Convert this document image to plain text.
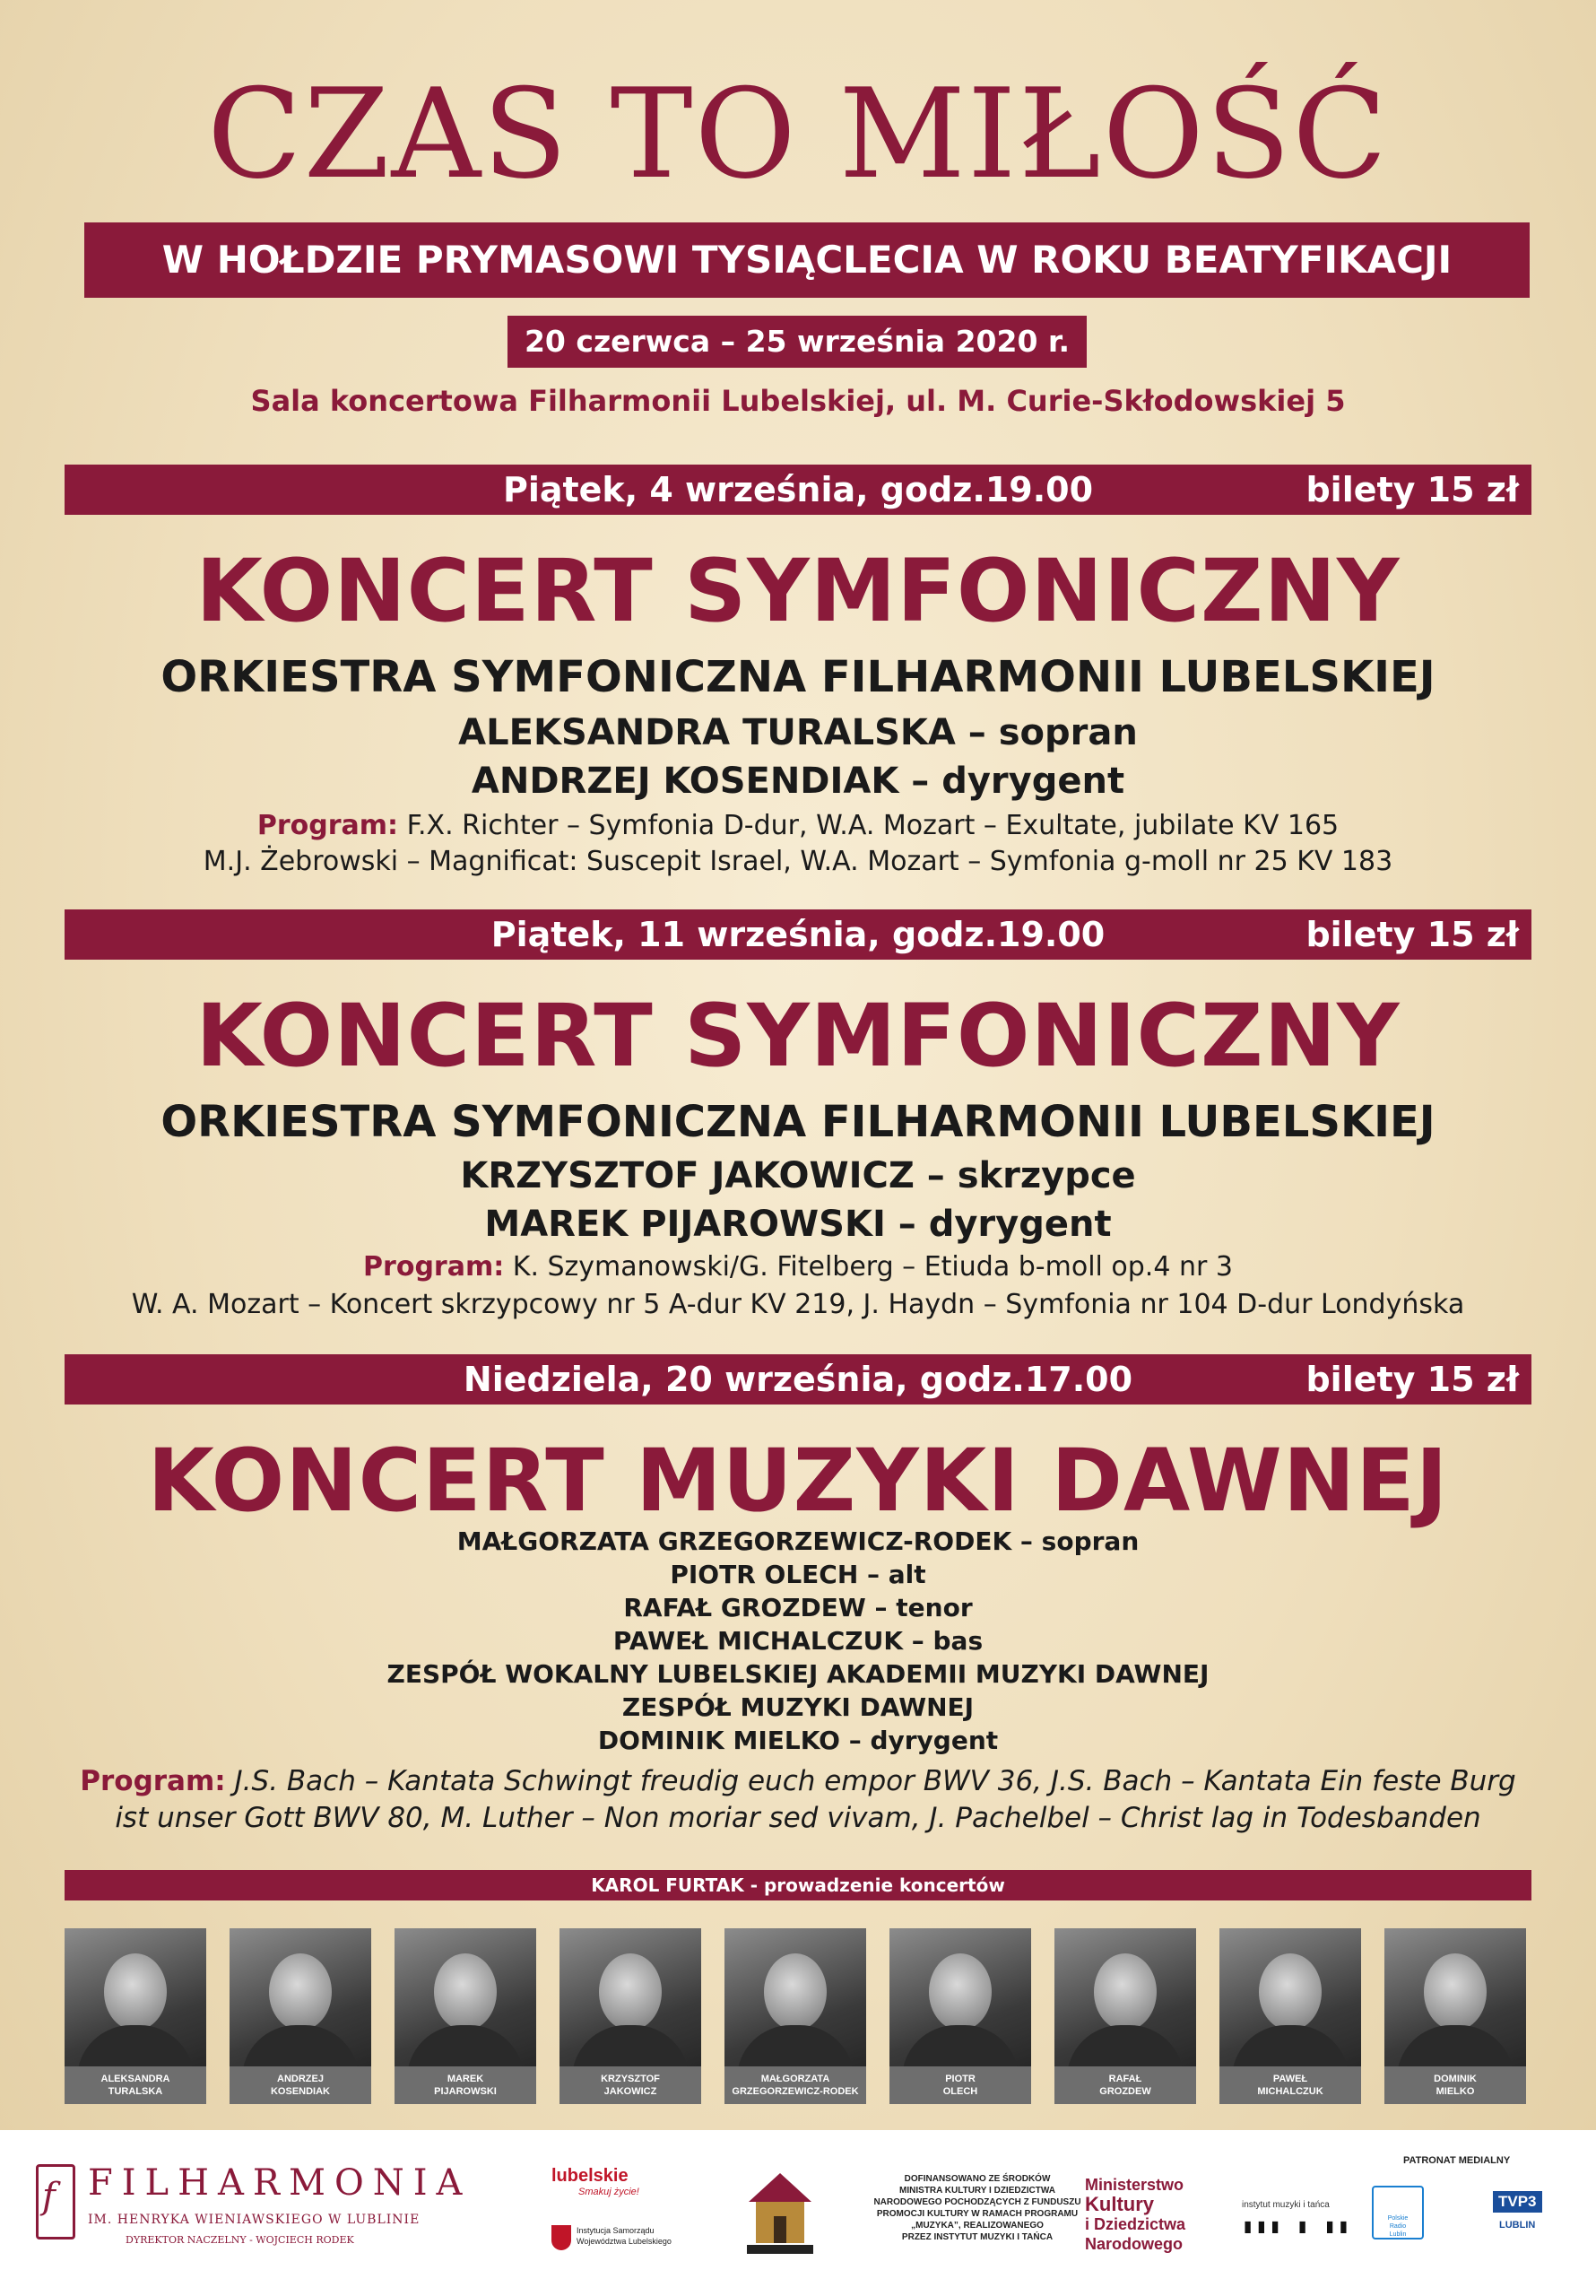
CZAS TO MIŁOŚĆ
W HOŁDZIE PRYMASOWI TYSIĄCLECIA W ROKU BEATYFIKACJI
20 czerwca – 25 września 2020 r.
Sala koncertowa Filharmonii Lubelskiej, ul. M. Curie-Skłodowskiej 5
Piątek, 4 września, godz.19.00	bilety 15 zł
KONCERT SYMFONICZNY
ORKIESTRA SYMFONICZNA FILHARMONII LUBELSKIEJ
ALEKSANDRA TURALSKA – sopran
ANDRZEJ KOSENDIAK – dyrygent
Program: F.X. Richter – Symfonia D-dur, W.A. Mozart – Exultate, jubilate KV 165
M.J. Żebrowski – Magnificat: Suscepit Israel, W.A. Mozart – Symfonia g-moll nr 25 KV 183
Piątek, 11 września, godz.19.00	bilety 15 zł
KONCERT SYMFONICZNY
ORKIESTRA SYMFONICZNA FILHARMONII LUBELSKIEJ
KRZYSZTOF JAKOWICZ – skrzypce
MAREK PIJAROWSKI – dyrygent
Program: K. Szymanowski/G. Fitelberg – Etiuda b-moll op.4 nr 3
W. A. Mozart – Koncert skrzypcowy nr 5 A-dur KV 219, J. Haydn – Symfonia nr 104 D-dur Londyńska
Niedziela, 20 września, godz.17.00	bilety 15 zł
KONCERT MUZYKI DAWNEJ
MAŁGORZATA GRZEGORZEWICZ-RODEK – sopran
PIOTR OLECH – alt
RAFAŁ GROZDEW – tenor
PAWEŁ MICHALCZUK – bas
ZESPÓŁ WOKALNY LUBELSKIEJ AKADEMII MUZYKI DAWNEJ
ZESPÓŁ MUZYKI DAWNEJ
DOMINIK MIELKO – dyrygent
Program: J.S. Bach – Kantata Schwingt freudig euch empor BWV 36, J.S. Bach – Kantata Ein feste Burg
ist unser Gott BWV 80, M. Luther – Non moriar sed vivam, J. Pachelbel – Christ lag in Todesbanden
KAROL FURTAK - prowadzenie koncertów
ALEKSANDRA
TURALSKA
ANDRZEJ
KOSENDIAK
MAREK
PIJAROWSKI
KRZYSZTOF
JAKOWICZ
MAŁGORZATA
GRZEGORZEWICZ-RODEK
PIOTR
OLECH
RAFAŁ
GROZDEW
PAWEŁ
MICHALCZUK
DOMINIK
MIELKO
f FILHARMONIA
IM. HENRYKA WIENIAWSKIEGO W LUBLINIE
DYREKTOR NACZELNY - WOJCIECH RODEK
lubelskie
Smakuj życie!
Instytucja Samorządu
Województwa Lubelskiego
DOFINANSOWANO ZE ŚRODKÓW
MINISTRA KULTURY I DZIEDZICTWA
NARODOWEGO POCHODZĄCYCH Z FUNDUSZU
PROMOCJI KULTURY W RAMACH PROGRAMU
„MUZYKA”, REALIZOWANEGO
PRZEZ INSTYTUT MUZYKI I TAŃCA
Ministerstwo
Kultury
i Dziedzictwa
Narodowego
instytut muzyki i tańca
▮▮▮ ▮ ▮▮
PATRONAT MEDIALNY
Polskie
Radio
Lublin
TVP3
LUBLIN
